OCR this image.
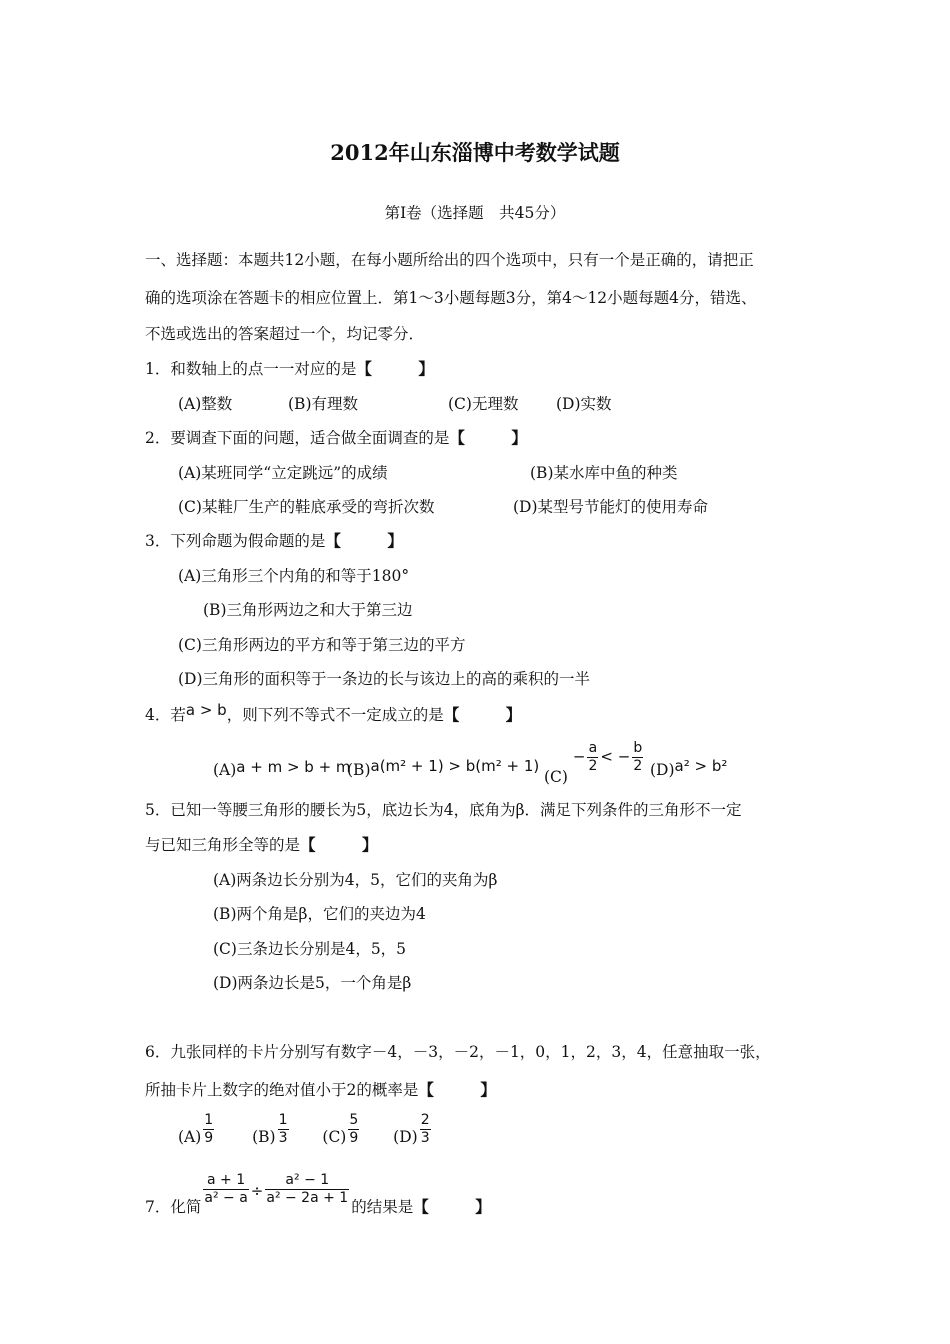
2012年山东淄博中考数学试题
第Ⅰ卷（选择题　共45分）
一、选择题：本题共12小题，在每小题所给出的四个选项中，只有一个是正确的，请把正
确的选项涂在答题卡的相应位置上．第1～3小题每题3分，第4～12小题每题4分，错选、
不选或选出的答案超过一个，均记零分．
1．和数轴上的点一一对应的是【　　　】
(A)整数	(B)有理数	(C)无理数 (D)实数
2．要调查下面的问题，适合做全面调查的是【　　　】
(A)某班同学“立定跳远”的成绩	(B)某水库中鱼的种类
(C)某鞋厂生产的鞋底承受的弯折次数	(D)某型号节能灯的使用寿命
3．下列命题为假命题的是【　　　】
(A)三角形三个内角的和等于180°
(B)三角形两边之和大于第三边
(C)三角形两边的平方和等于第三边的平方
(D)三角形的面积等于一条边的长与该边上的高的乘积的一半
4．若a > b，则下列不等式不一定成立的是【　　　】
(A)a + m > b + m
(B)a(m² + 1) > b(m² + 1)
$(C) - \frac{a}{2}$ < − $\frac{b}{2} (D)a^2 > b^2$
5．已知一等腰三角形的腰长为5，底边长为4，底角为β．满足下列条件的三角形不一定
与已知三角形全等的是【　　　】
(A)两条边长分别为4，5，它们的夹角为β
(B)两个角是β，它们的夹边为4
(C)三条边长分别是4，5，5
(D)两条边长是5，一个角是β
6．九张同样的卡片分别写有数字－4，－3，－2，－1，0，1，2，3，4，任意抽取一张，
所抽卡片上数字的绝对值小于2的概率是【　　　】
$(A) \frac{1}{9} (B) \frac{1}{3} (C) \frac{5}{9} (D) \frac{2}{3}$
7．化简 $\frac{a + 1}{\text{a² − a}} \div \frac{\text{a² − 1}}{\text{a² − 2a + 1}}$ 的结果是【　　　】
